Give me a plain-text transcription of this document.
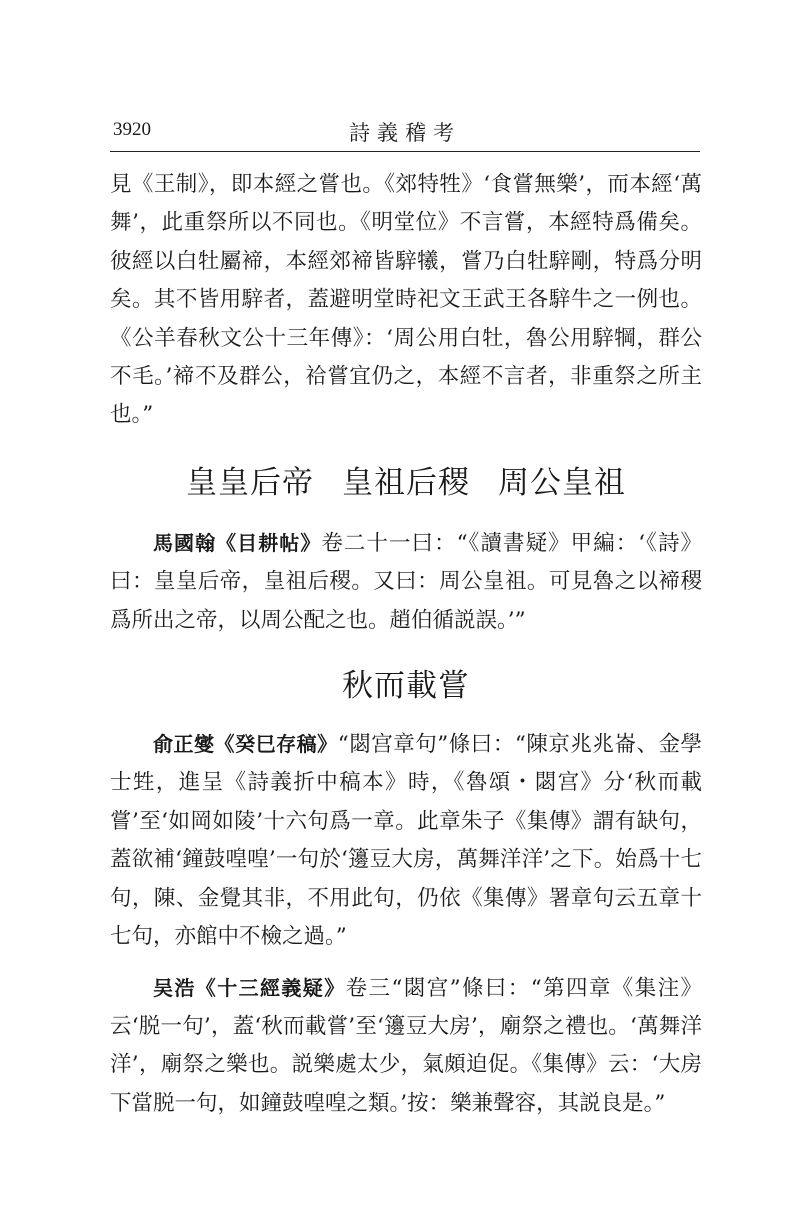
3920	詩義稽考

見《王制》，即本經之嘗也。《郊特牲》‘食嘗無樂’，而本經‘萬舞’，此重祭所以不同也。《明堂位》不言嘗，本經特爲備矣。彼經以白牡屬褅，本經郊褅皆騂犧，嘗乃白牡騂剛，特爲分明矣。其不皆用騂者，蓋避明堂時祀文王武王各騂牛之一例也。《公羊春秋文公十三年傳》：‘周公用白牡，魯公用騂犅，群公不毛。’褅不及群公，祫嘗宜仍之，本經不言者，非重祭之所主也。”

皇皇后帝 皇祖后稷 周公皇祖

馬國翰《目耕帖》卷二十一曰：“《讀書疑》甲編：‘《詩》曰：皇皇后帝，皇祖后稷。又曰：周公皇祖。可見魯之以褅稷爲所出之帝，以周公配之也。趙伯循説誤。’”

秋而載嘗

俞正燮《癸巳存稿》“閟宫章句”條曰：“陳京兆兆崙、金學士甡，進呈《詩義折中稿本》時，《魯頌・閟宫》分‘秋而載嘗’至‘如岡如陵’十六句爲一章。此章朱子《集傳》謂有缺句，蓋欲補‘鐘鼓喤喤’一句於‘籩豆大房，萬舞洋洋’之下。始爲十七句，陳、金覺其非，不用此句，仍依《集傳》署章句云五章十七句，亦館中不檢之過。”

吴浩《十三經義疑》卷三“閟宫”條曰：“第四章《集注》云‘脱一句’，蓋‘秋而載嘗’至‘籩豆大房’，廟祭之禮也。‘萬舞洋洋’，廟祭之樂也。説樂處太少，氣頗迫促。《集傳》云：‘大房下當脱一句，如鐘鼓喤喤之類。’按：樂兼聲容，其説良是。”
